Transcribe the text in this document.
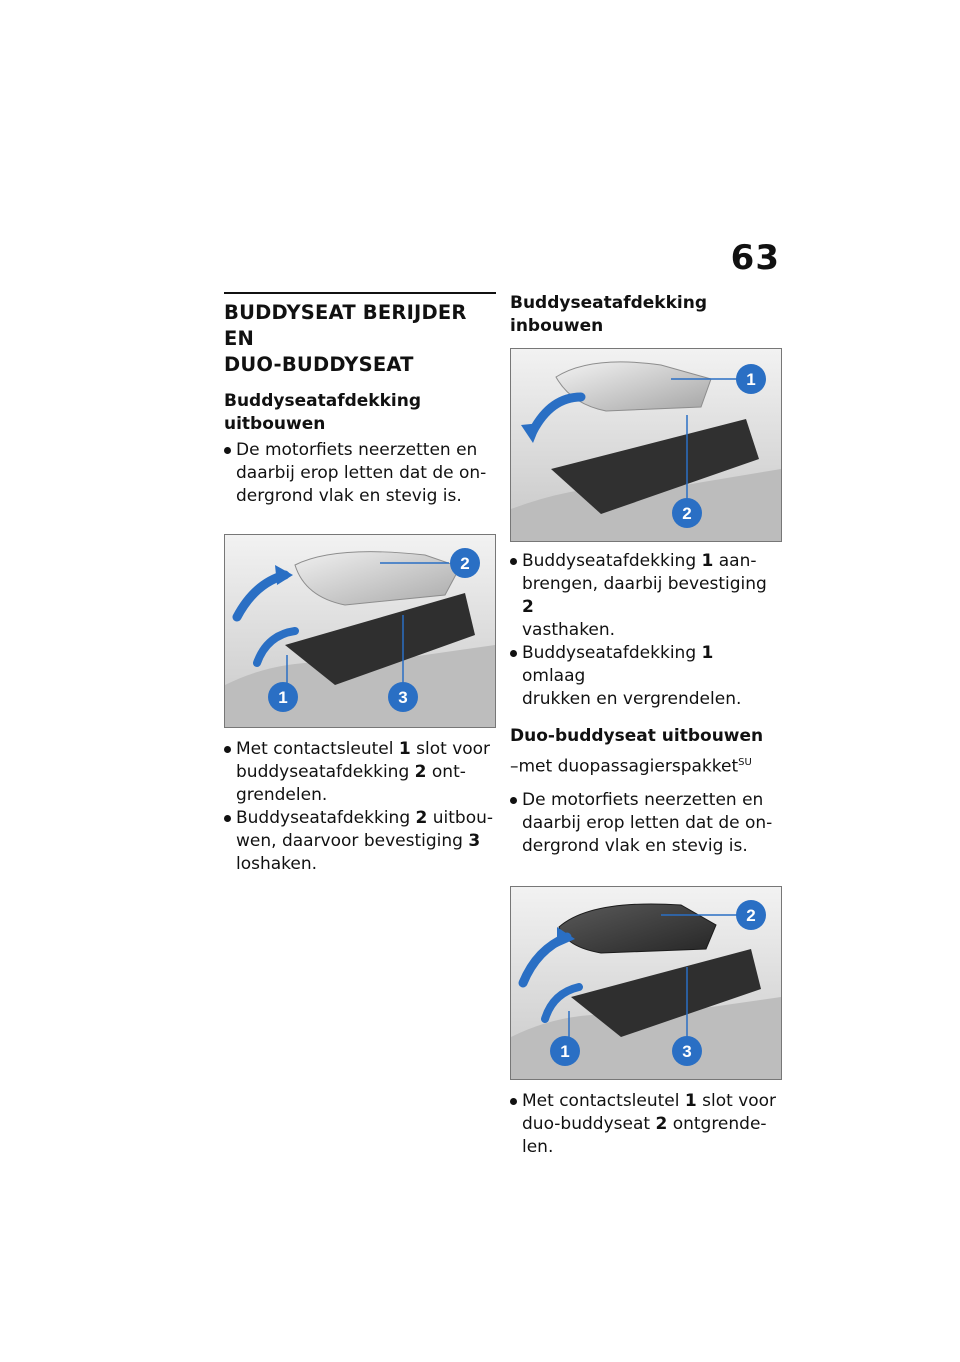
63
BUDDYSEAT BERIJDER EN
DUO-BUDDYSEAT
Buddyseatafdekking
uitbouwen
De motorfiets neerzetten en
daarbij erop letten dat de on-
dergrond vlak en stevig is.
2
1	3
Met contactsleutel 1 slot voor
buddyseatafdekking 2 ont-
grendelen.
Buddyseatafdekking 2 uitbou-
wen, daarvoor bevestiging 3
loshaken.
Buddyseatafdekking
inbouwen
1
2
Buddyseatafdekking 1 aan-
brengen, daarbij bevestiging 2
vasthaken.
Buddyseatafdekking 1 omlaag
drukken en vergrendelen.
Duo-buddyseat uitbouwen
–met duopassagierspakket$^{SU}$
De motorfiets neerzetten en
daarbij erop letten dat de on-
dergrond vlak en stevig is.
2
1	3
Met contactsleutel 1 slot voor
duo-buddyseat 2 ontgrende-
len.
